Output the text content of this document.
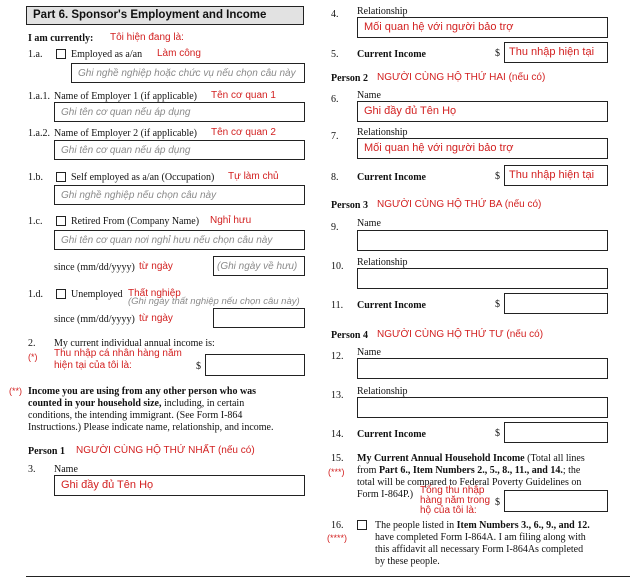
Part 6. Sponsor's Employment and Income
I am currently: Tôi hiện đang là:
1.a.	Employed as a/an Làm công
Ghi nghề nghiệp hoặc chức vụ nếu chọn câu này
1.a.1. Name of Employer 1 (if applicable) Tên cơ quan 1
Ghi tên cơ quan nếu áp dụng
1.a.2. Name of Employer 2 (if applicable) Tên cơ quan 2
Ghi tên cơ quan nếu áp dụng
1.b.	Self employed as a/an (Occupation) Tự làm chủ
Ghi nghề nghiệp nếu chọn câu này
1.c.	Retired From (Company Name) Nghỉ hưu
Ghi tên cơ quan nơi nghỉ hưu nếu chọn câu này
since (mm/dd/yyyy) từ ngày	(Ghi ngày về hưu)
1.d.	Unemployed Thất nghiệp
(Ghi ngày thất nghiệp nếu chọn câu này)
since (mm/dd/yyyy) từ ngày
2. My current individual annual income is:
(*) Thu nhập cá nhân hàng năm
hiện tại của tôi là:	$
(**) Income you are using from any other person who was
counted in your household size, including, in certain
conditions, the intending immigrant. (See Form I-864
Instructions.) Please indicate name, relationship, and income.
Person 1 NGƯỜI CÙNG HỘ THỨ NHẤT (nếu có)
3. Name
Ghi đầy đủ Tên Họ
4. Relationship
Mối quan hệ với người bảo trợ
5. Current Income	$ Thu nhập hiện tại
Person 2 NGƯỜI CÙNG HỘ THỨ HAI (nếu có)
6. Name
Ghi đầy đủ Tên Họ
7. Relationship
Mối quan hệ với người bảo trợ
8. Current Income	$ Thu nhập hiện tại
Person 3 NGƯỜI CÙNG HỘ THỨ BA (nếu có)
9. Name
10. Relationship
11. Current Income	$
Person 4 NGƯỜI CÙNG HỘ THỨ TƯ (nếu có)
12. Name
13. Relationship
14. Current Income	$
15.
(***)
My Current Annual Household Income (Total all lines
from Part 6., Item Numbers 2., 5., 8., 11., and 14.; the
total will be compared to Federal Poverty Guidelines on
Form I-864P.) Tổng thu nhập
hàng năm trong
hộ của tôi là:
$
16.
(****)
The people listed in Item Numbers 3., 6., 9., and 12.
have completed Form I-864A. I am filing along with
this affidavit all necessary Form I-864As completed
by these people.
